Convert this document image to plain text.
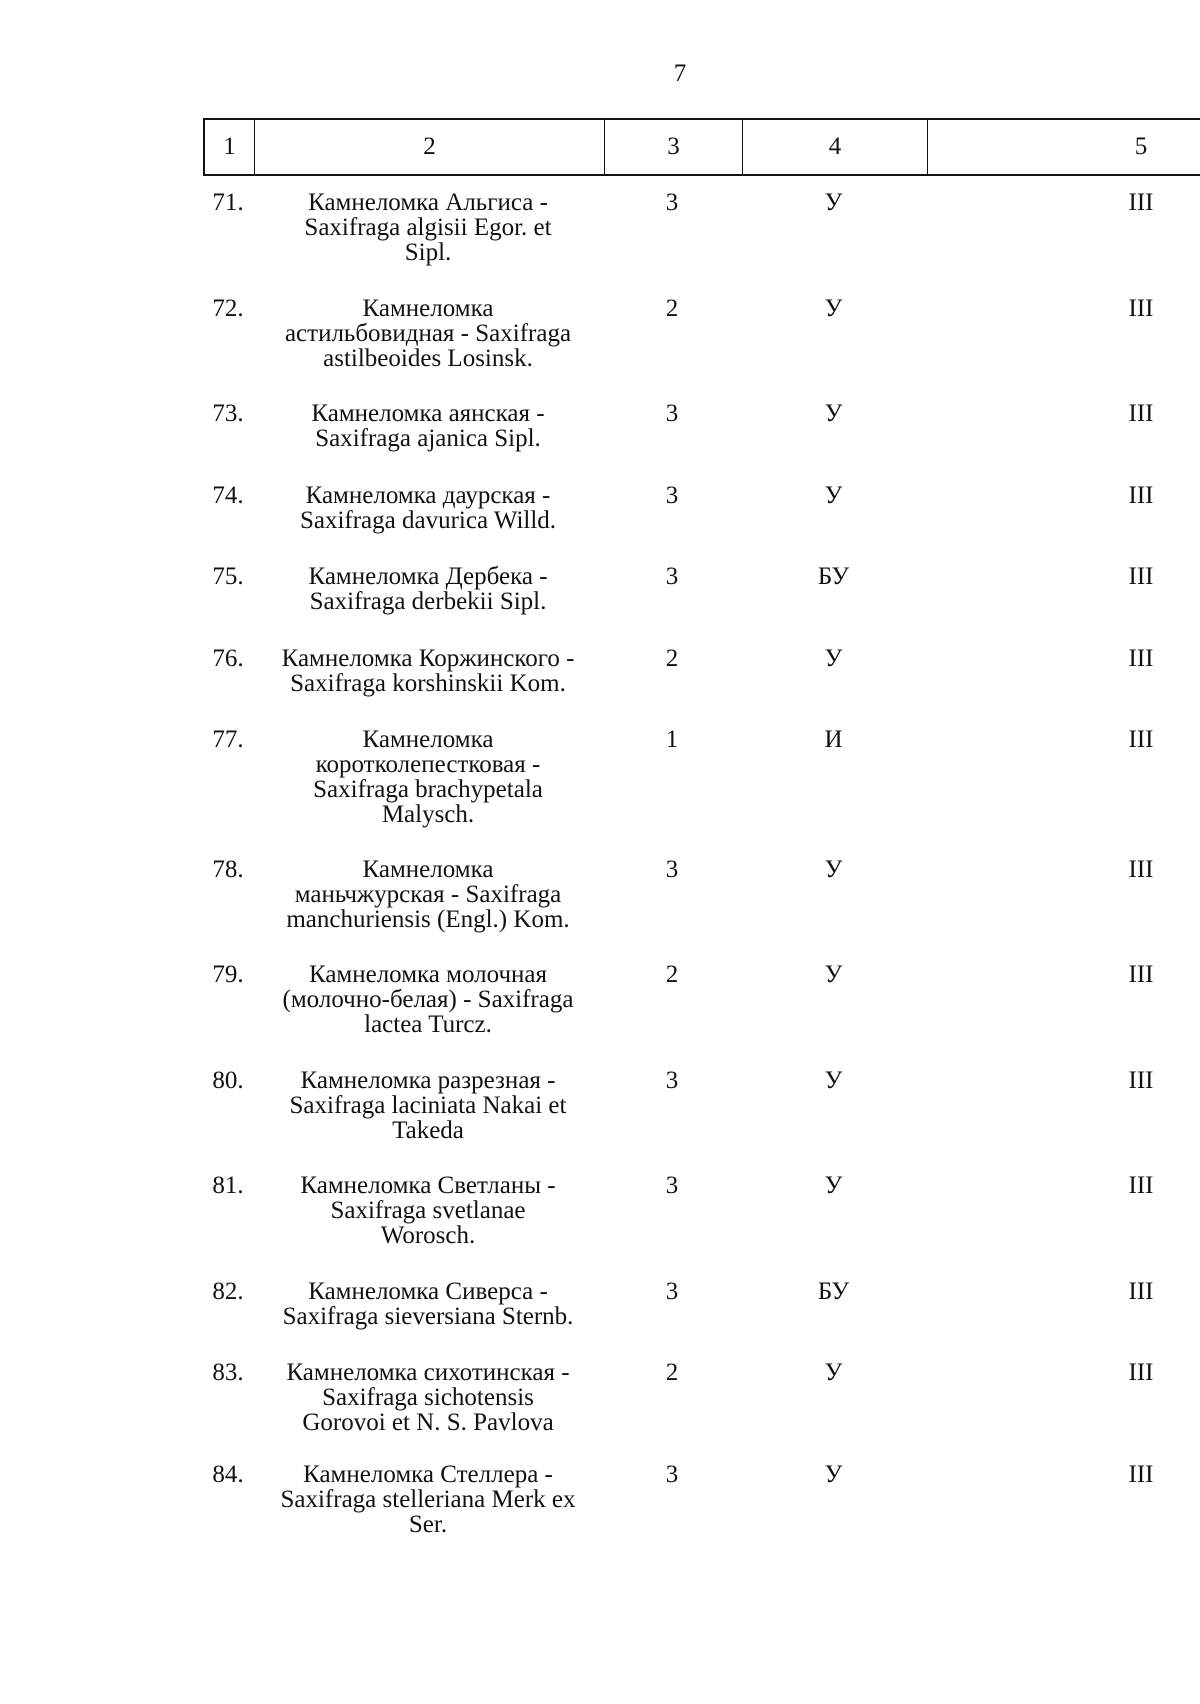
7
1	2	3	4	5
71.	Камнеломка Альгиса -
Saxifraga algisii Egor. et
Sipl.
3	У	III
72.	Камнеломка
астильбовидная - Saxifraga
astilbeoides Losinsk.
2	У	III
73.	Камнеломка аянская -
Saxifraga ajanica Sipl.
3	У	III
74.	Камнеломка даурская -
Saxifraga davurica Willd.
3	У	III
75.	Камнеломка Дербека -
Saxifraga derbekii Sipl.
3	БУ	III
76.	Камнеломка Коржинского -
Saxifraga korshinskii Kom.
2	У	III
77.	Камнеломка
коротколепестковая -
Saxifraga brachypetala
Malysch.
1	И	III
78.	Камнеломка
маньчжурская - Saxifraga
manchuriensis (Engl.) Kom.
3	У	III
79.	Камнеломка молочная
(молочно-белая) - Saxifraga
lactea Turcz.
2	У	III
80.	Камнеломка разрезная -
Saxifraga laciniata Nakai et
Takeda
3	У	III
81.	Камнеломка Светланы -
Saxifraga svetlanae
Worosch.
3	У	III
82.	Камнеломка Сиверса -
Saxifraga sieversiana Sternb.
3	БУ	III
83.	Камнеломка сихотинская -
Saxifraga sichotensis
Gorovoi et N. S. Pavlova
2	У	III
84.	Камнеломка Стеллера -
Saxifraga stelleriana Merk ex
Ser.
3	У	III
